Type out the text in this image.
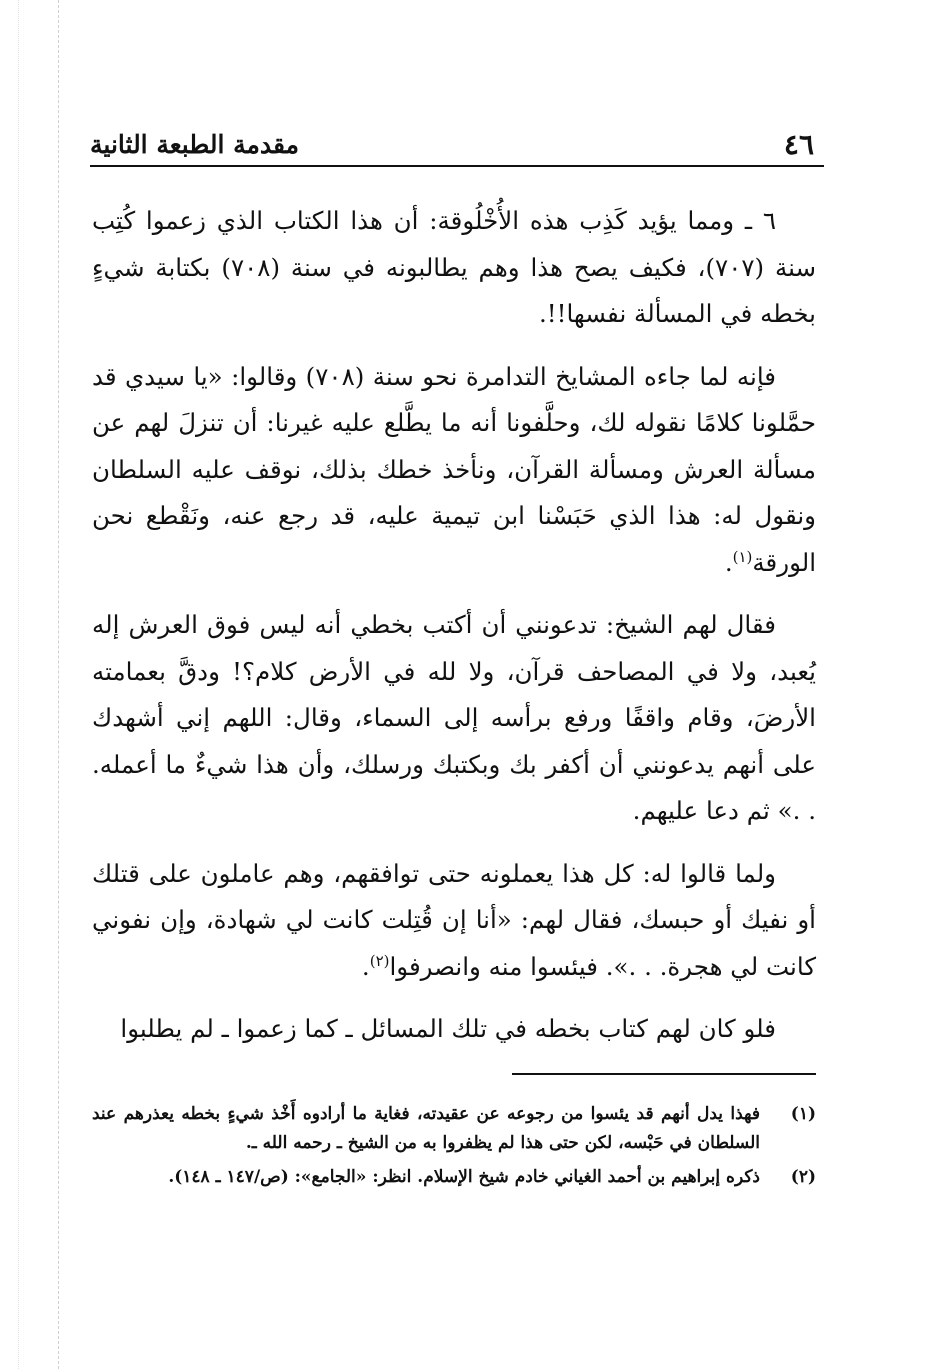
٤٦
مقدمة الطبعة الثانية

٦ ـ ومما يؤيد كَذِب هذه الأُخْلُوقة: أن هذا الكتاب الذي زعموا كُتِب سنة (٧٠٧)، فكيف يصح هذا وهم يطالبونه في سنة (٧٠٨) بكتابة شيءٍ بخطه في المسألة نفسها!!.

فإنه لما جاءه المشايخ التدامرة نحو سنة (٧٠٨) وقالوا: «يا سيدي قد حمَّلونا كلامًا نقوله لك، وحلَّفونا أنه ما يطَّلع عليه غيرنا: أن تنزلَ لهم عن مسألة العرش ومسألة القرآن، ونأخذ خطك بذلك، نوقف عليه السلطان ونقول له: هذا الذي حَبَسْنا ابن تيمية عليه، قد رجع عنه، ونَقْطع نحن الورقة$^{(١)}$.

فقال لهم الشيخ: تدعونني أن أكتب بخطي أنه ليس فوق العرش إله يُعبد، ولا في المصاحف قرآن، ولا لله في الأرض كلام؟! ودقَّ بعمامته الأرضَ، وقام واقفًا ورفع برأسه إلى السماء، وقال: اللهم إني أشهدك على أنهم يدعونني أن أكفر بك وبكتبك ورسلك، وأن هذا شيءٌ ما أعمله. . .» ثم دعا عليهم.

ولما قالوا له: كل هذا يعملونه حتى توافقهم، وهم عاملون على قتلك أو نفيك أو حبسك، فقال لهم: «أنا إن قُتِلت كانت لي شهادة، وإن نفوني كانت لي هجرة. . .». فيئسوا منه وانصرفوا$^{(٢)}$.

فلو كان لهم كتاب بخطه في تلك المسائل ـ كما زعموا ـ لم يطلبوا

(١)
فهذا يدل أنهم قد يئسوا من رجوعه عن عقيدته، فغاية ما أرادوه أَخْذ شيءٍ بخطه يعذرهم عند السلطان في حَبْسه، لكن حتى هذا لم يظفروا به من الشيخ ـ رحمه الله ـ.
(٢)
ذكره إبراهيم بن أحمد الغياني خادم شيخ الإسلام. انظر: «الجامع»: (ص/١٤٧ ـ ١٤٨).
